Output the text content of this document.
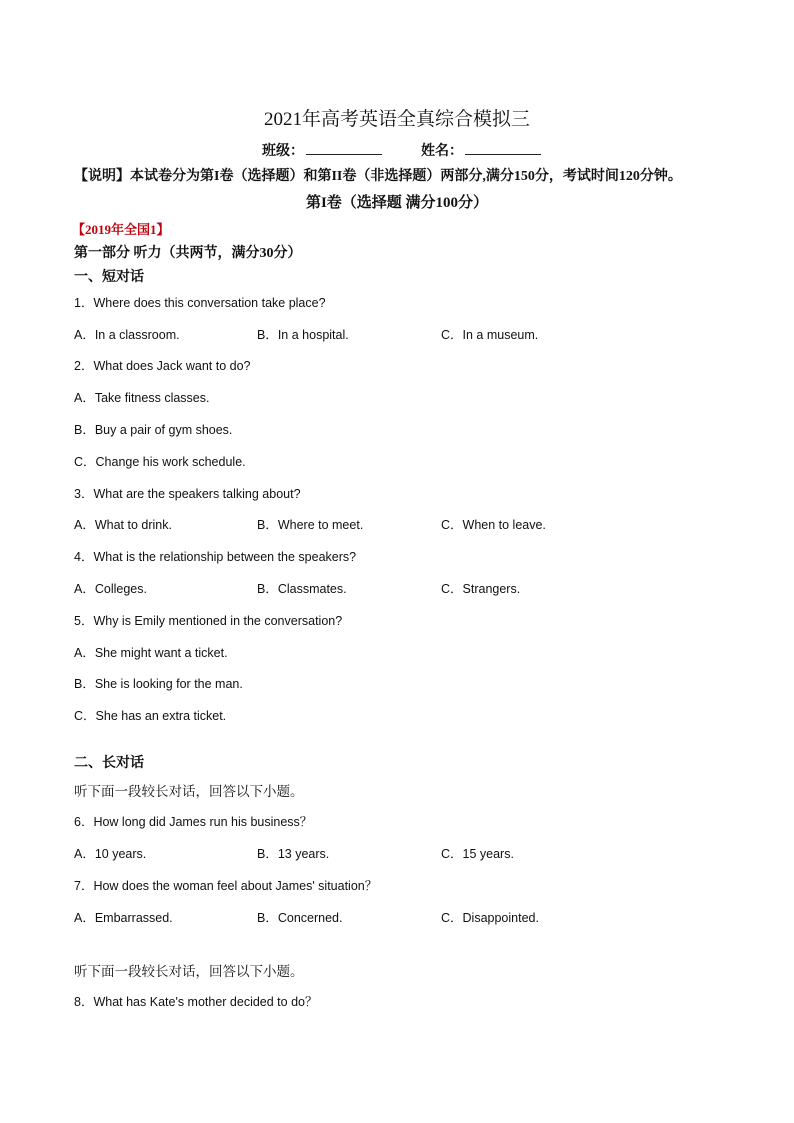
2021年高考英语全真综合模拟三
班级：	姓名：
【说明】本试卷分为第I卷（选择题）和第II卷（非选择题）两部分,满分150分，考试时间120分钟。
第I卷（选择题 满分100分）
【2019年全国1】
第一部分 听力（共两节，满分30分）
一、短对话
1．Where does this conversation take place?
A．In a classroom.	B．In a hospital.	C．In a museum.
2．What does Jack want to do?
A．Take fitness classes.
B．Buy a pair of gym shoes.
C．Change his work schedule.
3．What are the speakers talking about?
A．What to drink.	B．Where to meet.	C．When to leave.
4．What is the relationship between the speakers?
A．Colleges.	B．Classmates.	C．Strangers.
5．Why is Emily mentioned in the conversation?
A．She might want a ticket.
B．She is looking for the man.
C．She has an extra ticket.
二、长对话
听下面一段较长对话，回答以下小题。
6．How long did James run his business？
A．10 years.	B．13 years.	C．15 years.
7．How does the woman feel about James' situation？
A．Embarrassed.	B．Concerned.	C．Disappointed.
听下面一段较长对话，回答以下小题。
8．What has Kate's mother decided to do？
